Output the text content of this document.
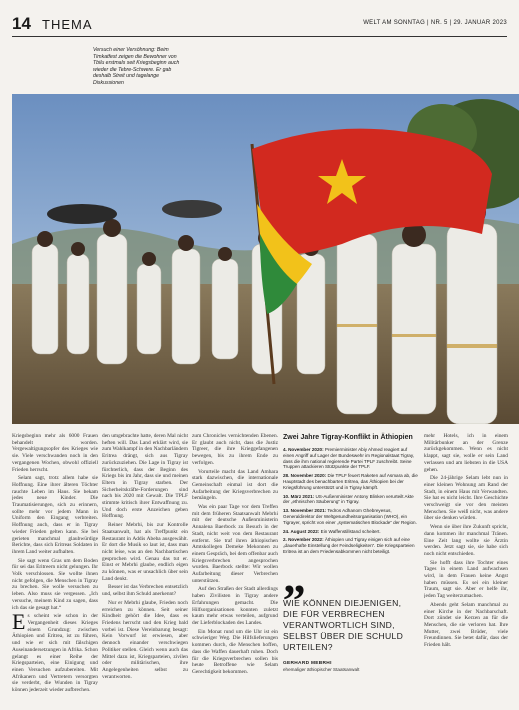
14 THEMA	WELT AM SONNTAG | NR. 5 | 29. JANUAR 2023
Versuch einer Versöhnung: Beim Timkatfest zeigen die Bewohner von Tbilu erstmals seit Kriegsbeginn auch wieder die Tebre-Schwere. Er gab deshalb Streit und tagelange Diskussionen

Kriegsbeginn mehr als 6000 Frauen behandelt worden. Vergewaltigungsopfer des Krieges wie sie. Viele verschwanden noch in den vergangenen Wochen, obwohl offiziell Frieden herrscht.

Selam sagt, trotz allem habe sie Hoffnung. Eine ihrer älteren Töchter rauchte Leben im Haus. Sie bekam jedes neue Kinder. Die Traumatisierungen, sich zu erinnern, sollte mehr vor jedem Mann in Uniform den Eingang verbreiten. Hoffnung auch, dass er in Tigray wieder Frieden gelten kann. Sie bei gerieten manchmal glaubwürdige Berichte, dass sich Eritreas Soldaten in ihrem Land weiter aufhalten.

Sie sagt wenn Gras um dem Boden für sei das Eritreern nicht gelungen. Ihr Volk verschlossen. Sie wollte ihnen nicht gefolgen, die Menschen in Tigray zu brechen. Sie wolle versuchen zu leben. Also muss sie vergessen. „Ich versuche, meinem Kind zu sagen, dass ich das sie gesagt hat.“

Es scheint wie schon in der Vergangenheit dieses Krieges einem Grundzug: zwischen Äthiopien und Eritrea, ist zu führen, und wie er sich mit fälschigen Auseinandersetzungen in Afrika. Schon gelangt es einer Reihe der Kriegsparteien, eine Einigung und einen Versuchen aufzubereiten. Mit Afrikanern und Vertretern versorgten sie verderbt, die Wunden in Tigray können jederzeit wieder aufbrechen.

den umgebrachte hatte, deren Mal nicht heften will. Das Land erklärt wird, sie zum Wahlkampf in den Nachbarländern Eritrea drängt, sich aus Tigray zurückzuziehen. Die Lage in Tigray ist fürchterlich, dass der Beginn des Kriegs bis im Jahr, dass sie und meinen Eltern in Tigray starben. Der Sicherheitskräfte-Forderungen sind nach bis 2020 mit Gewalt. Die TPLF stimmte kritisch ihrer Entwaffnung zu. Und doch erste Anzeichen geben Hoffnung.

Reiner Mebrhi, bis zur Kontrolle Staatsanwalt, hat als Treffpunkt ein Restaurant in Addis Abeba ausgewählt. Er dort die Musik so laut ist, dass man nicht leise, was an den Nachbartischen gesprochen wird. Genau das tut er. Einst er Mebrhi glaube, endlich eigen zu können, was er unsachlich über sein Land denkt.

Besser ist das Verbrechen entsetzlich und, selbst ihm Schuld anerkennt?

Nur er Mebrhi glaube, Frieden noch erreichen zu können. Seit seiner Kindheit gehört die Idee, dass es Friedens herrscht und den Krieg bald vorbei ist. Diese Vereinbarung besagt: Kein Vorwurf ist erwiesen, aber dennoch einander verschwiegen Politiker stellen. Gleich wenn auch das Mittel dazu ist, Kriegsparteien, zivilen oder militärischen, ihre Angelegenheiten selbst zu verantworten.

zum Chronicles vernichtenden Ebenen. Er glaubt auch nicht, dass die Justiz Tigreer, die ihre Krieggefangenen bewegen, bis zu ihrem Ende zu verfolgen.

Vorurteile macht das Land Amhara stark dazwischen, die internationale Gemeinschaft einmal ist dort die Aufarbeitung der Kriegsverbrechen zu bemängeln.

Was ein paar Tage vor dem Treffen mit dem früheren Staatsanwalt Mebrhi mit der deutsche Außenministerin Annalena Baerbock zu Besuch in der Stadt, nicht weit von dem Restaurant entfernt. Sie traf ihren äthiopischen Amtskollegen Demeke Mekonnen zu einem Gespräch, bei dem offenbar auch Kriegsverbrechen angesprochen wurden. Baerbock stellte: Wir wollen Aufarbeitung dieser Verbrechen unterstützen.

Auf den Straßen der Stadt allerdings haben Zivilisten in Tigray andere Erfahrungen gemacht. Die Hilfsorganisationen konnten zuletzt kaum mehr etwas verteilen, aufgrund der Lieferblockaden des Landes.

Ein Monat rund um die Uhr ist ein schwieriger Weg. Die Hilfslieferungen kommen durch, die Menschen hoffen, dass die Waffen dauerhaft ruhen. Doch für die Kriegsverbrechen sollen bis heute Betroffene wie Selam Gerechtigkeit bekommen.

Zwei Jahre Tigray-Konflikt in Äthiopien
4. November 2020: Premierminister Abiy Ahmed reagiert auf einen Angriff auf Lager der Bundeswehr im Regionalstaat Tigray, dass die ihm national regierende Partei TPLF zuschreibt. Seine Truppen attackieren Stützpunkte der TPLF.
28. November 2020: Die TPLF feuert Raketen auf Asmara ab, die Hauptstadt des benachbarten Eritrea, das Äthiopien bei der Kriegsführung unterstützt und in Tigray kämpft.
10. März 2021: US-Außenminister Antony Blinken verurteilt Akte der „ethnischen Säuberung“ in Tigray.
13. November 2021: Tedros Adhanom Ghebreyesus, Generaldirektor der Weltgesundheitsorganisation (WHO), ein Tigrayer, spricht von einer „systematischen Blockade“ der Region.
24. August 2022: Ein Waffenstillstand scheitert.
2. November 2022: Äthiopien und Tigray einigen sich auf eine „dauerhafte Einstellung der Feindseligkeiten“. Die Kriegsparteien Eritrea ist an dem Friedensabkommen nicht beteiligt.
„
WIE KÖNNEN DIEJENIGEN, DIE FÜR VERBRECHEN VERANTWORTLICH SIND, SELBST ÜBER DIE SCHULD URTEILEN?
GERHARD MEBRHI
ehemaliger äthiopischer Staatsanwalt

mehr Hotels, ich in einem Militärbunker an der Grenze zurückgekommen. Wenn es nicht klappt, sagt sie, wolle er sein Land verlassen und am liebsten in die USA gehen.

Die 24-jährige Selam lebt nun in einer kleinen Wohnung am Rand der Stadt, in einem Haus mit Verwandten. Sie hat es nicht leicht. Ihre Geschichte verschweigt sie vor den meisten Menschen. Sie weiß nicht, was andere über sie denken würden.

Wenn sie über ihre Zukunft spricht, dann kommen ihr manchmal Tränen. Eine Zeit lang wollte sie Ärztin werden. Jetzt sagt sie, sie habe sich noch nicht entschieden.

Sie hofft dass ihre Tochter eines Tages in einem Land aufwachsen wird, in dem Frauen keine Angst haben müssen. Es sei ein kleiner Traum, sagt sie. Aber er helfe ihr, jeden Tag weiterzumachen.

Abends geht Selam manchmal zu einer Kirche in der Nachbarschaft. Dort zündet sie Kerzen an für die Menschen, die sie verloren hat. Ihre Mutter, zwei Brüder, viele Freundinnen. Sie betet dafür, dass der Frieden hält.
